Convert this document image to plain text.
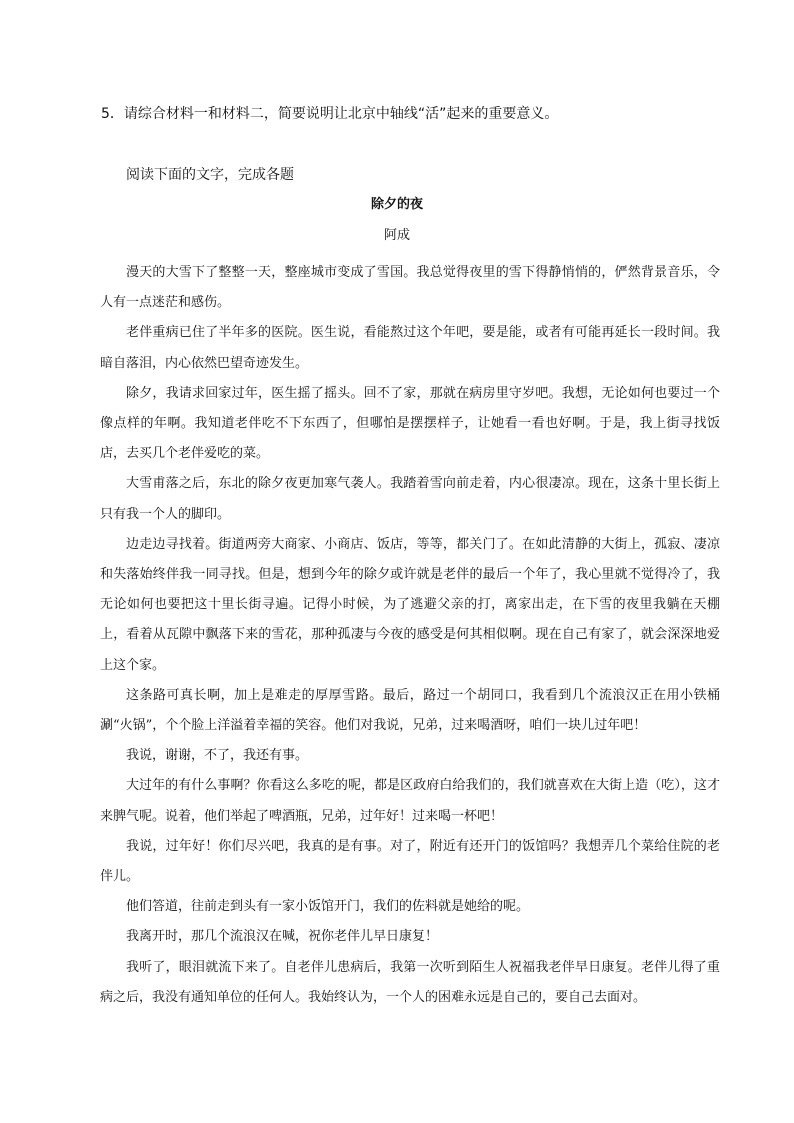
5．请综合材料一和材料二，简要说明让北京中轴线“活”起来的重要意义。
阅读下面的文字，完成各题
除夕的夜
阿成

漫天的大雪下了整整一天，整座城市变成了雪国。我总觉得夜里的雪下得静悄悄的，俨然背景音乐，令人有一点迷茫和感伤。

老伴重病已住了半年多的医院。医生说，看能熬过这个年吧，要是能，或者有可能再延长一段时间。我暗自落泪，内心依然巴望奇迹发生。

除夕，我请求回家过年，医生摇了摇头。回不了家，那就在病房里守岁吧。我想，无论如何也要过一个像点样的年啊。我知道老伴吃不下东西了，但哪怕是摆摆样子，让她看一看也好啊。于是，我上街寻找饭店，去买几个老伴爱吃的菜。

大雪甫落之后，东北的除夕夜更加寒气袭人。我踏着雪向前走着，内心很凄凉。现在，这条十里长街上只有我一个人的脚印。

边走边寻找着。街道两旁大商家、小商店、饭店，等等，都关门了。在如此清静的大街上，孤寂、凄凉和失落始终伴我一同寻找。但是，想到今年的除夕或许就是老伴的最后一个年了，我心里就不觉得冷了，我无论如何也要把这十里长街寻遍。记得小时候，为了逃避父亲的打，离家出走，在下雪的夜里我躺在天棚上，看着从瓦隙中飘落下来的雪花，那种孤凄与今夜的感受是何其相似啊。现在自己有家了，就会深深地爱上这个家。

这条路可真长啊，加上是难走的厚厚雪路。最后，路过一个胡同口，我看到几个流浪汉正在用小铁桶涮“火锅”，个个脸上洋溢着幸福的笑容。他们对我说，兄弟，过来喝酒呀，咱们一块儿过年吧！

我说，谢谢，不了，我还有事。

大过年的有什么事啊？你看这么多吃的呢，都是区政府白给我们的，我们就喜欢在大街上造（吃），这才来脾气呢。说着，他们举起了啤酒瓶，兄弟，过年好！过来喝一杯吧！

我说，过年好！你们尽兴吧，我真的是有事。对了，附近有还开门的饭馆吗？我想弄几个菜给住院的老伴儿。

他们答道，往前走到头有一家小饭馆开门，我们的佐料就是她给的呢。

我离开时，那几个流浪汉在喊，祝你老伴儿早日康复！

我听了，眼泪就流下来了。自老伴儿患病后，我第一次听到陌生人祝福我老伴早日康复。老伴儿得了重病之后，我没有通知单位的任何人。我始终认为，一个人的困难永远是自己的，要自己去面对。
